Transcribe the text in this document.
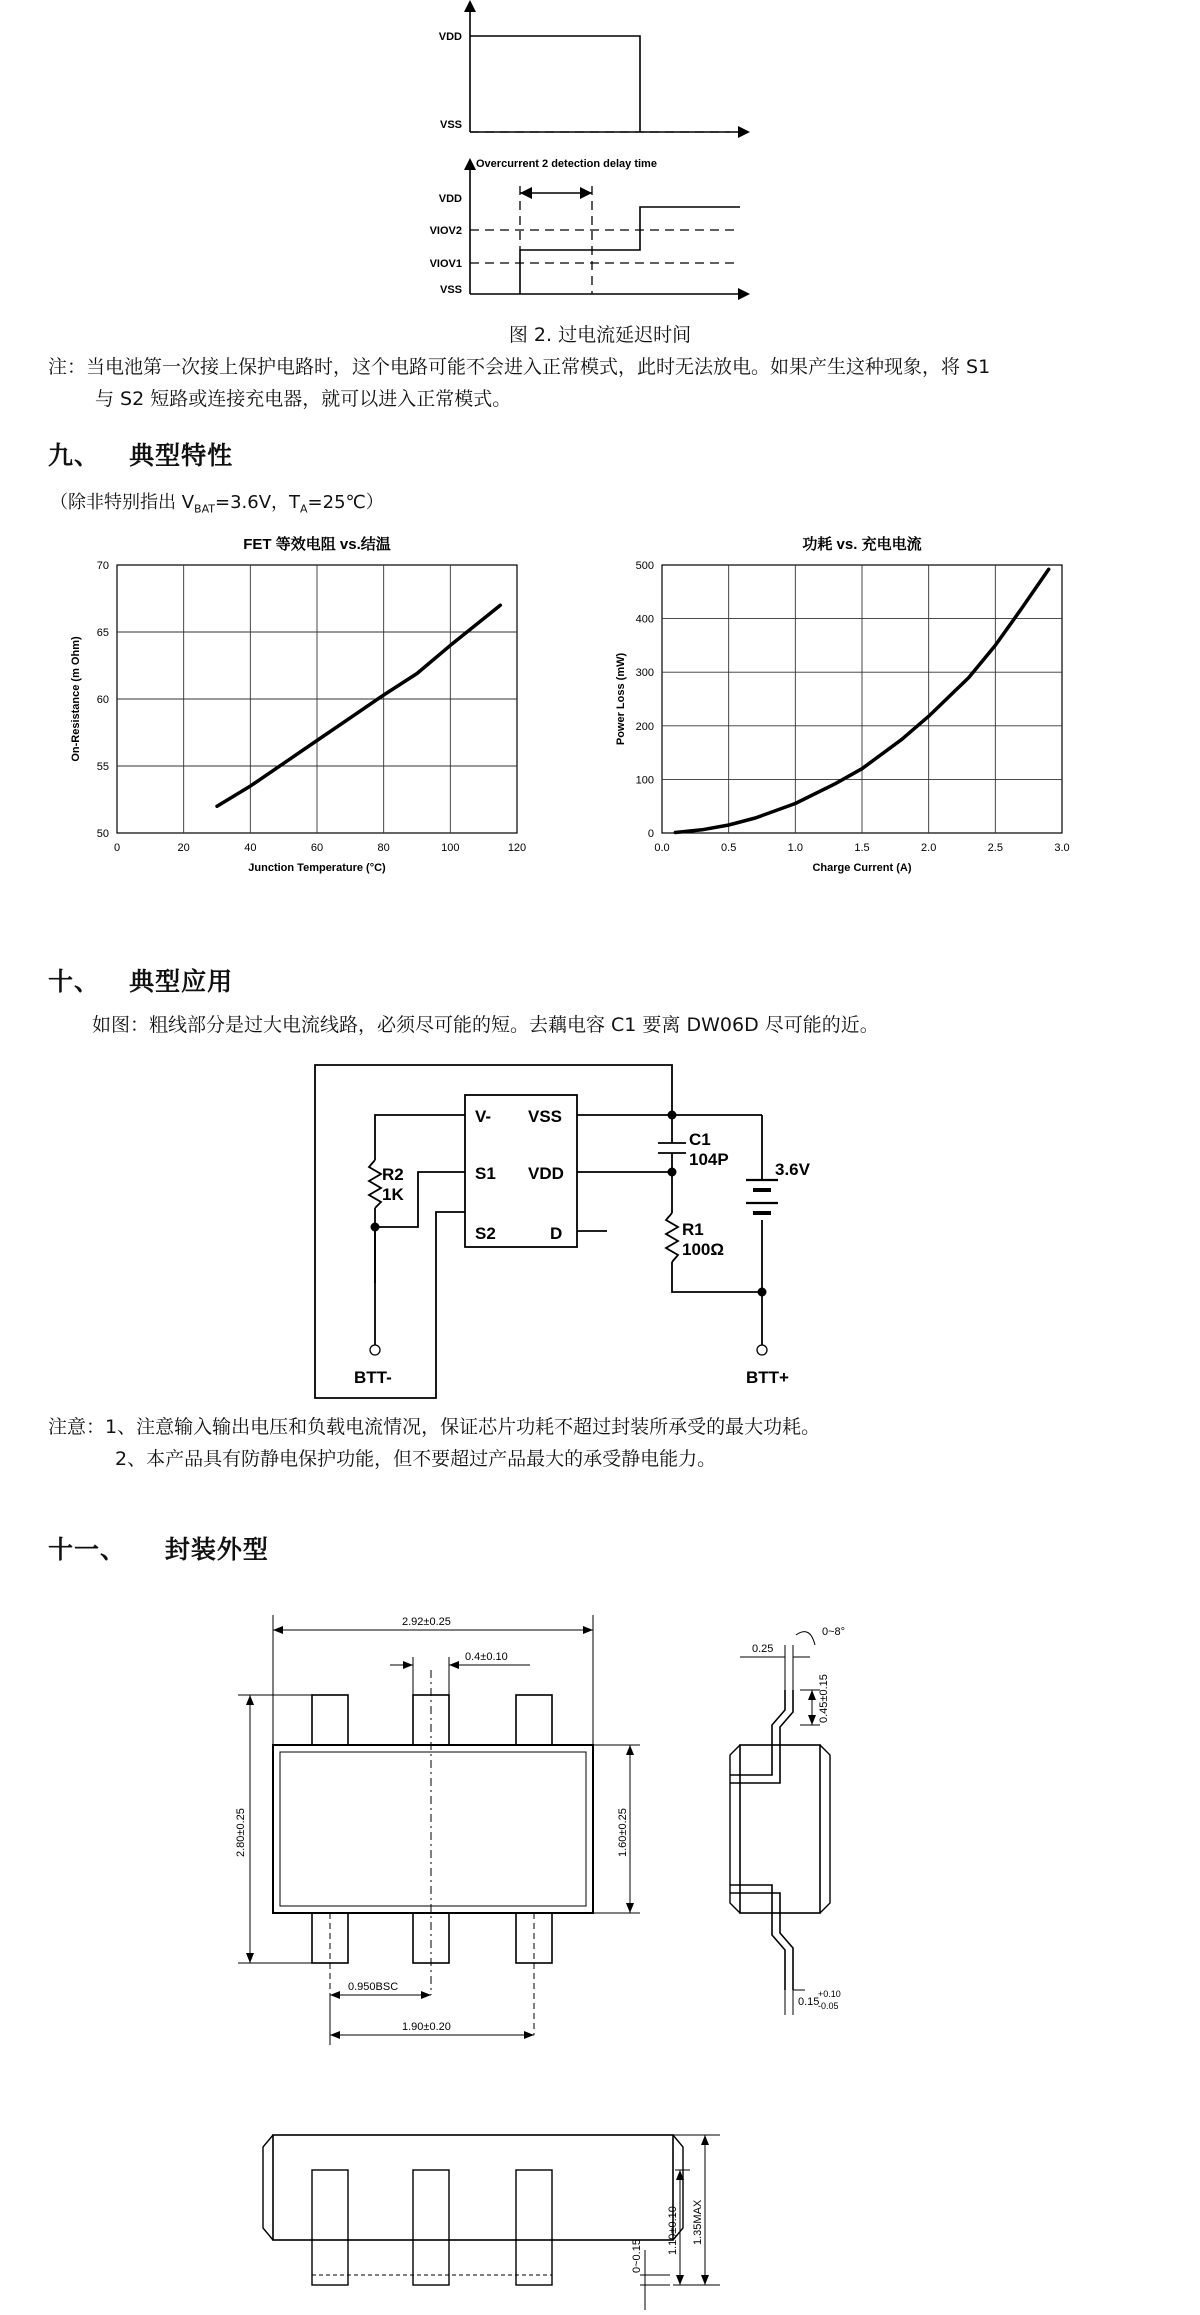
VDD
VSS
VDD
VIOV2
VIOV1
VSS
Overcurrent 2 detection delay time
图 2. 过电流延迟时间
注：当电池第一次接上保护电路时，这个电路可能不会进入正常模式，此时无法放电。如果产生这种现象，将 S1
与 S2 短路或连接充电器，就可以进入正常模式。
九、   典型特性
（除非特别指出 $V_{BAT}=3.6V$，$T_A=25℃$）
FET 等效电阻 vs.结温
0	20	40	60	80	100	120
50
55
60
65
70
Junction Temperature (°C)
On-Resistance (m Ohm)
功耗 vs. 充电电流
0.0	0.5	1.0	1.5	2.0	2.5	3.0
0
100
200
300
400
500
Charge Current (A)
Power Loss (mW)
十、   典型应用
如图：粗线部分是过大电流线路，必须尽可能的短。去藕电容 C1 要离 DW06D 尽可能的近。
V- VSS
S1 VDD
S2	D
R2
1K
C1
104P
R1
100Ω
3.6V
BTT-	BTT+
注意：1、注意输入输出电压和负载电流情况，保证芯片功耗不超过封装所承受的最大功耗。
2、本产品具有防静电保护功能，但不要超过产品最大的承受静电能力。
十一、    封装外型
2.92±0.25
0.4±0.10
2.80±0.25	1.60±0.25
0.950BSC
1.90±0.20
0~8°
0.25
0.45±0.15
0.15
+0.10
-0.05
0~0.15
1.10±0.10 1.35MAX
